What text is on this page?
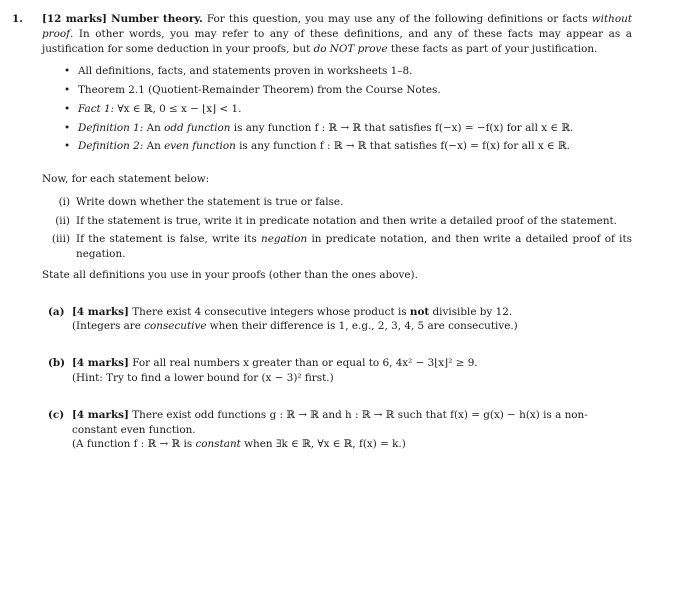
1. [12 marks] Number theory. For this question, you may use any of the following definitions or facts without proof. In other words, you may refer to any of these definitions, and any of these facts may appear as a justification for some deduction in your proofs, but do NOT prove these facts as part of your justification.
• All definitions, facts, and statements proven in worksheets 1–8.
• Theorem 2.1 (Quotient-Remainder Theorem) from the Course Notes.
• Fact 1: ∀x ∈ ℝ, 0 ≤ x − ⌊x⌋ < 1.
• Definition 1: An odd function is any function f : ℝ → ℝ that satisfies f(−x) = −f(x) for all x ∈ ℝ.
• Definition 2: An even function is any function f : ℝ → ℝ that satisfies f(−x) = f(x) for all x ∈ ℝ.
Now, for each statement below:
(i) Write down whether the statement is true or false.
(ii) If the statement is true, write it in predicate notation and then write a detailed proof of the statement.
(iii) If the statement is false, write its negation in predicate notation, and then write a detailed proof of its negation.
State all definitions you use in your proofs (other than the ones above).
(a) [4 marks] There exist 4 consecutive integers whose product is not divisible by 12.
(Integers are consecutive when their difference is 1, e.g., 2, 3, 4, 5 are consecutive.)
(b) [4 marks] For all real numbers x greater than or equal to 6, 4x² − 3⌊x⌋² ≥ 9.
(Hint: Try to find a lower bound for (x − 3)² first.)
(c) [4 marks] There exist odd functions g : ℝ → ℝ and h : ℝ → ℝ such that f(x) = g(x) − h(x) is a non-constant even function.
(A function f : ℝ → ℝ is constant when ∃k ∈ ℝ, ∀x ∈ ℝ, f(x) = k.)
